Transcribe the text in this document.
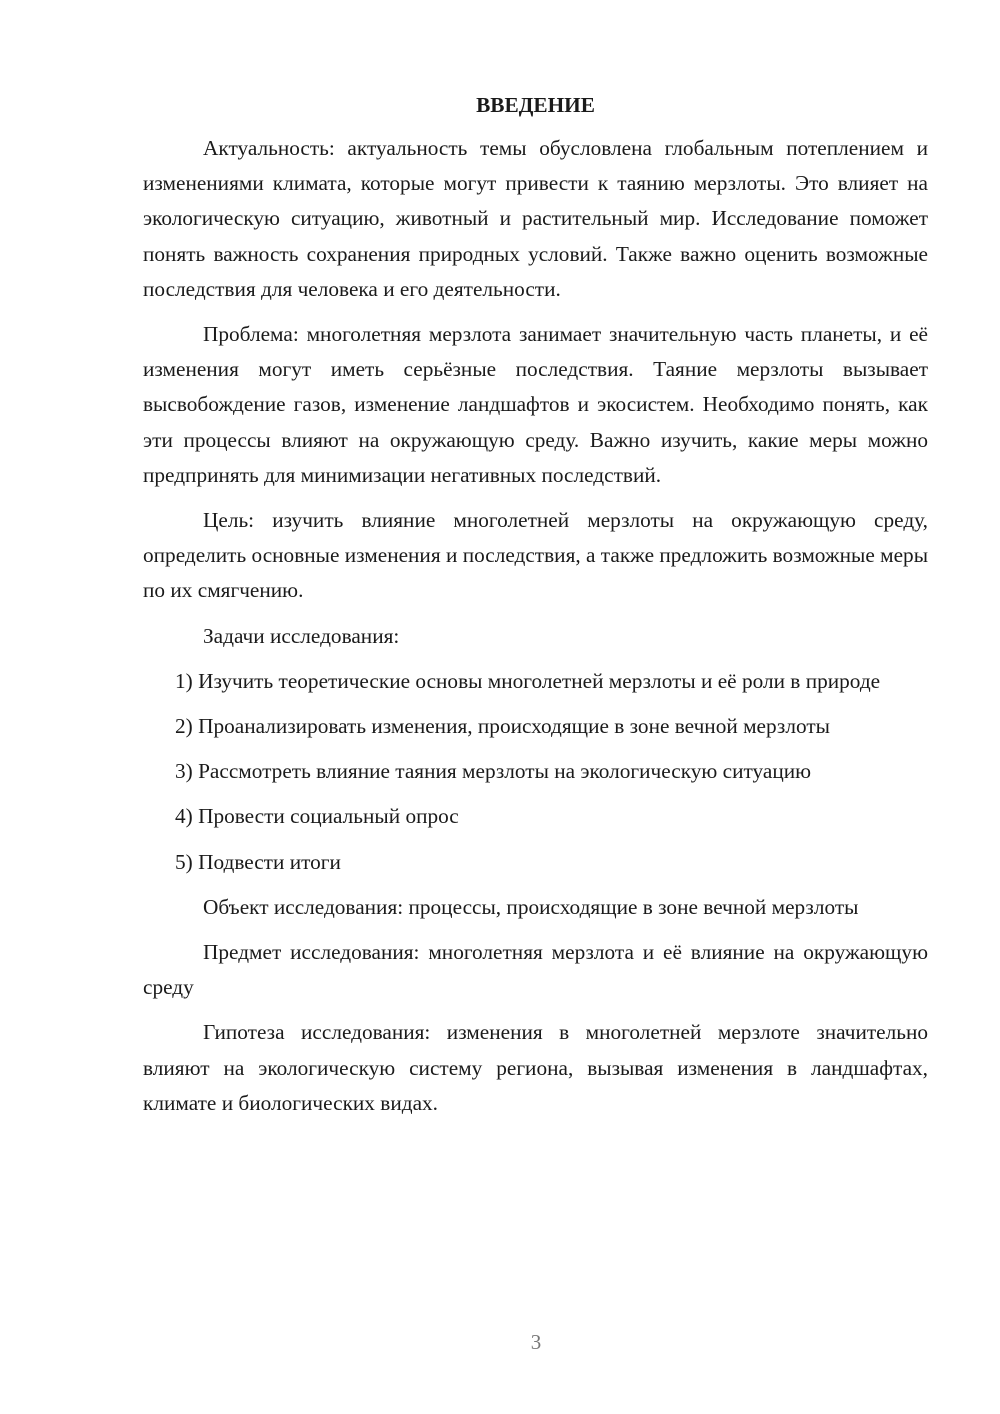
ВВЕДЕНИЕ

Актуальность: актуальность темы обусловлена глобальным потеплением и изменениями климата, которые могут привести к таянию мерзлоты. Это влияет на экологическую ситуацию, животный и растительный мир. Исследование поможет понять важность сохранения природных условий. Также важно оценить возможные последствия для человека и его деятельности.

Проблема: многолетняя мерзлота занимает значительную часть планеты, и её изменения могут иметь серьёзные последствия. Таяние мерзлоты вызывает высвобождение газов, изменение ландшафтов и экосистем. Необходимо понять, как эти процессы влияют на окружающую среду. Важно изучить, какие меры можно предпринять для минимизации негативных последствий.

Цель: изучить влияние многолетней мерзлоты на окружающую среду, определить основные изменения и последствия, а также предложить возможные меры по их смягчению.

Задачи исследования:

1) Изучить теоретические основы многолетней мерзлоты и её роли в природе

2) Проанализировать изменения, происходящие в зоне вечной мерзлоты

3) Рассмотреть влияние таяния мерзлоты на экологическую ситуацию

4) Провести социальный опрос

5) Подвести итоги

Объект исследования: процессы, происходящие в зоне вечной мерзлоты

Предмет исследования: многолетняя мерзлота и её влияние на окружающую среду

Гипотеза исследования: изменения в многолетней мерзлоте значительно влияют на экологическую систему региона, вызывая изменения в ландшафтах, климате и биологических видах.

3
